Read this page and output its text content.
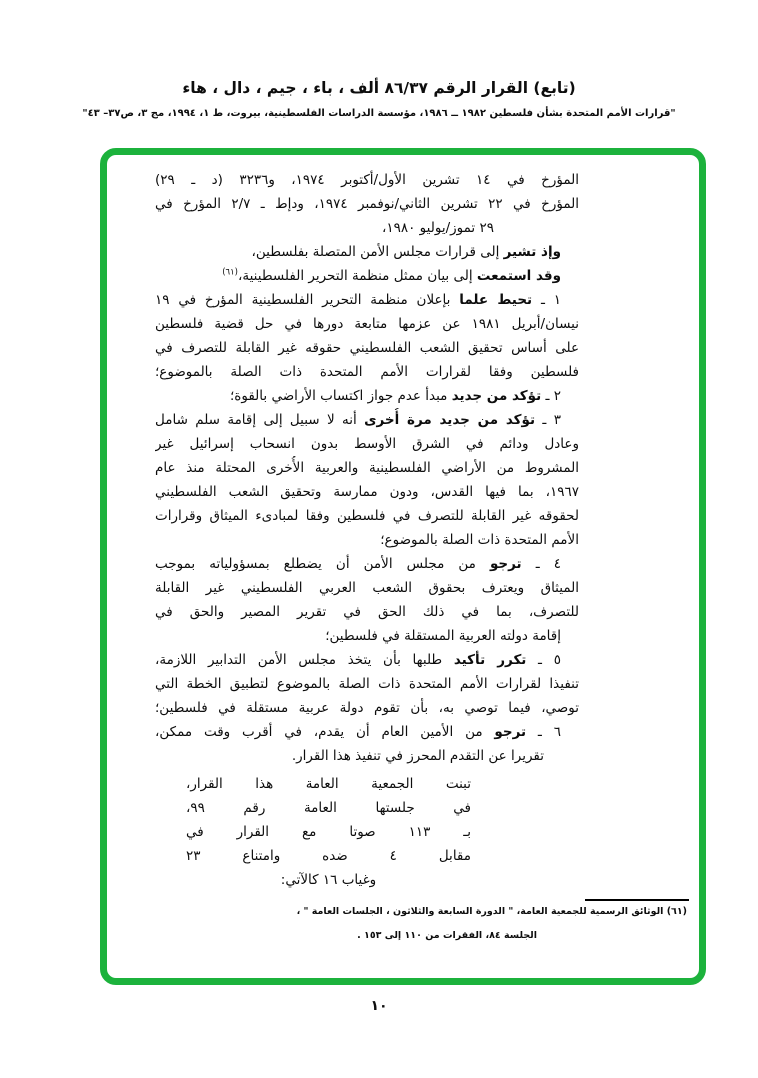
(تابع) القرار الرقم ٨٦/٣٧ ألف ، باء ، جيم ، دال ، هاء
"قرارات الأمم المتحدة بشأن فلسطين ١٩٨٢ ــ ١٩٨٦، مؤسسة الدراسات الفلسطينية، بيروت، ط ١، ١٩٩٤، مج ٣، ص٣٧– ٤٣"
المؤرخ في ١٤ تشرين الأول/أكتوبر ١٩٧٤، و٣٢٣٦ (د ـ ٢٩)
المؤرخ في ٢٢ تشرين الثاني/نوفمبر ١٩٧٤، ودإط ـ ٢/٧ المؤرخ في
٢٩ تموز/يوليو ١٩٨٠،
وإذ تشير إلى قرارات مجلس الأمن المتصلة بفلسطين،
وقد استمعت إلى بيان ممثل منظمة التحرير الفلسطينية،$^{(٦١)}$
١ ـ تحيط علما بإعلان منظمة التحرير الفلسطينية المؤرخ في ١٩
نيسان/أبريل ١٩٨١ عن عزمها متابعة دورها في حل قضية فلسطين
على أساس تحقيق الشعب الفلسطيني حقوقه غير القابلة للتصرف في
فلسطين وفقا لقرارات الأمم المتحدة ذات الصلة بالموضوع؛
٢ ـ تؤكد من جديد مبدأ عدم جواز اكتساب الأراضي بالقوة؛
٣ ـ تؤكد من جديد مرة أُخرى أنه لا سبيل إلى إقامة سلم شامل
وعادل ودائم في الشرق الأوسط بدون انسحاب إسرائيل غير
المشروط من الأراضي الفلسطينية والعربية الأُخرى المحتلة منذ عام
١٩٦٧، بما فيها القدس، ودون ممارسة وتحقيق الشعب الفلسطيني
لحقوقه غير القابلة للتصرف في فلسطين وفقا لمبادىء الميثاق وقرارات
الأمم المتحدة ذات الصلة بالموضوع؛
٤ ـ ترجو من مجلس الأمن أن يضطلع بمسؤولياته بموجب
الميثاق ويعترف بحقوق الشعب العربي الفلسطيني غير القابلة
للتصرف، بما في ذلك الحق في تقرير المصير والحق في
إقامة دولته العربية المستقلة في فلسطين؛
٥ ـ تكرر تأكيد طلبها بأن يتخذ مجلس الأمن التدابير اللازمة،
تنفيذا لقرارات الأمم المتحدة ذات الصلة بالموضوع لتطبيق الخطة التي
توصي، فيما توصي به، بأن تقوم دولة عربية مستقلة في فلسطين؛
٦ ـ ترجو من الأمين العام أن يقدم، في أقرب وقت ممكن،
تقريرا عن التقدم المحرز في تنفيذ هذا القرار.
تبنت الجمعية العامة هذا القرار،
في جلستها العامة رقم ٩٩،
بـ ١١٣ صوتا مع القرار في
مقابل ٤ ضده وامتناع ٢٣
وغياب ١٦ كالآتي:
(٦١) الوثائق الرسمية للجمعية العامة، " الدورة السابعة والثلاثون ، الجلسات العامة " ،
الجلسة ٨٤، الفقرات من ١١٠ إلى ١٥٣ .
١٠
